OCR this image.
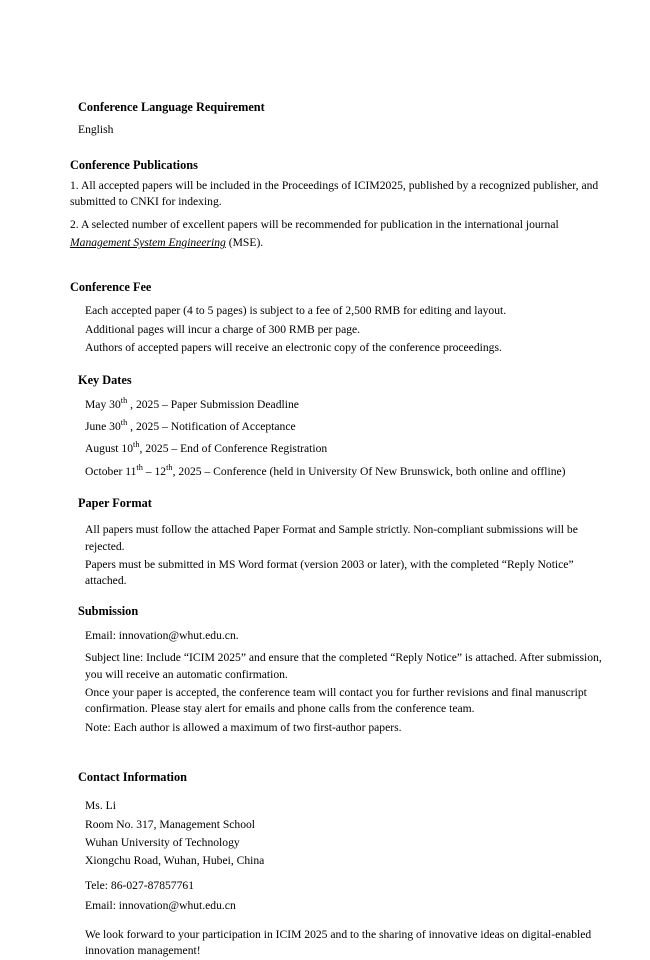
Conference Language Requirement
English
Conference Publications
1. All accepted papers will be included in the Proceedings of ICIM2025, published by a recognized publisher, and submitted to CNKI for indexing.
2. A selected number of excellent papers will be recommended for publication in the international journal
Management System Engineering (MSE).
Conference Fee
Each accepted paper (4 to 5 pages) is subject to a fee of 2,500 RMB for editing and layout.
Additional pages will incur a charge of 300 RMB per page.
Authors of accepted papers will receive an electronic copy of the conference proceedings.
Key Dates
May 30th , 2025 – Paper Submission Deadline
June 30th , 2025 – Notification of Acceptance
August 10th, 2025 – End of Conference Registration
October 11th – 12th, 2025 – Conference (held in University Of New Brunswick, both online and offline)
Paper Format
All papers must follow the attached Paper Format and Sample strictly. Non-compliant submissions will be rejected.
Papers must be submitted in MS Word format (version 2003 or later), with the completed “Reply Notice” attached.
Submission
Email: innovation@whut.edu.cn.
Subject line: Include “ICIM 2025” and ensure that the completed “Reply Notice” is attached. After submission, you will receive an automatic confirmation.
Once your paper is accepted, the conference team will contact you for further revisions and final manuscript confirmation. Please stay alert for emails and phone calls from the conference team.
Note: Each author is allowed a maximum of two first-author papers.
Contact Information
Ms. Li
Room No. 317, Management School
Wuhan University of Technology
Xiongchu Road, Wuhan, Hubei, China
Tele: 86-027-87857761
Email: innovation@whut.edu.cn
We look forward to your participation in ICIM 2025 and to the sharing of innovative ideas on digital-enabled innovation management!
